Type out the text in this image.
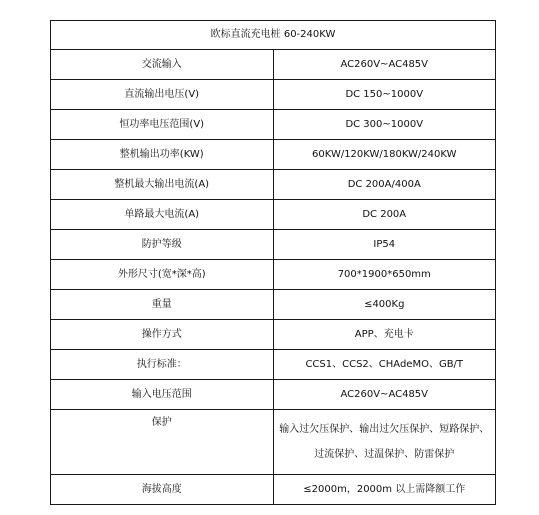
欧标直流充电桩 60-240KW	
交流输入	AC260V~AC485V
直流输出电压(V)	DC 150~1000V
恒功率电压范围(V)	DC 300~1000V
整机输出功率(KW)	60KW/120KW/180KW/240KW
整机最大输出电流(A)	DC 200A/400A
单路最大电流(A)	DC 200A
防护等级	IP54
外形尺寸(宽*深*高)	700*1900*650mm
重量	≤400Kg
操作方式	APP、充电卡
执行标准：	CCS1、CCS2、CHAdeMO、GB/T
输入电压范围	AC260V~AC485V
保护	输入过欠压保护、输出过欠压保护、短路保护、过流保护、过温保护、防雷保护
海拔高度	≤2000m，2000m 以上需降额工作
